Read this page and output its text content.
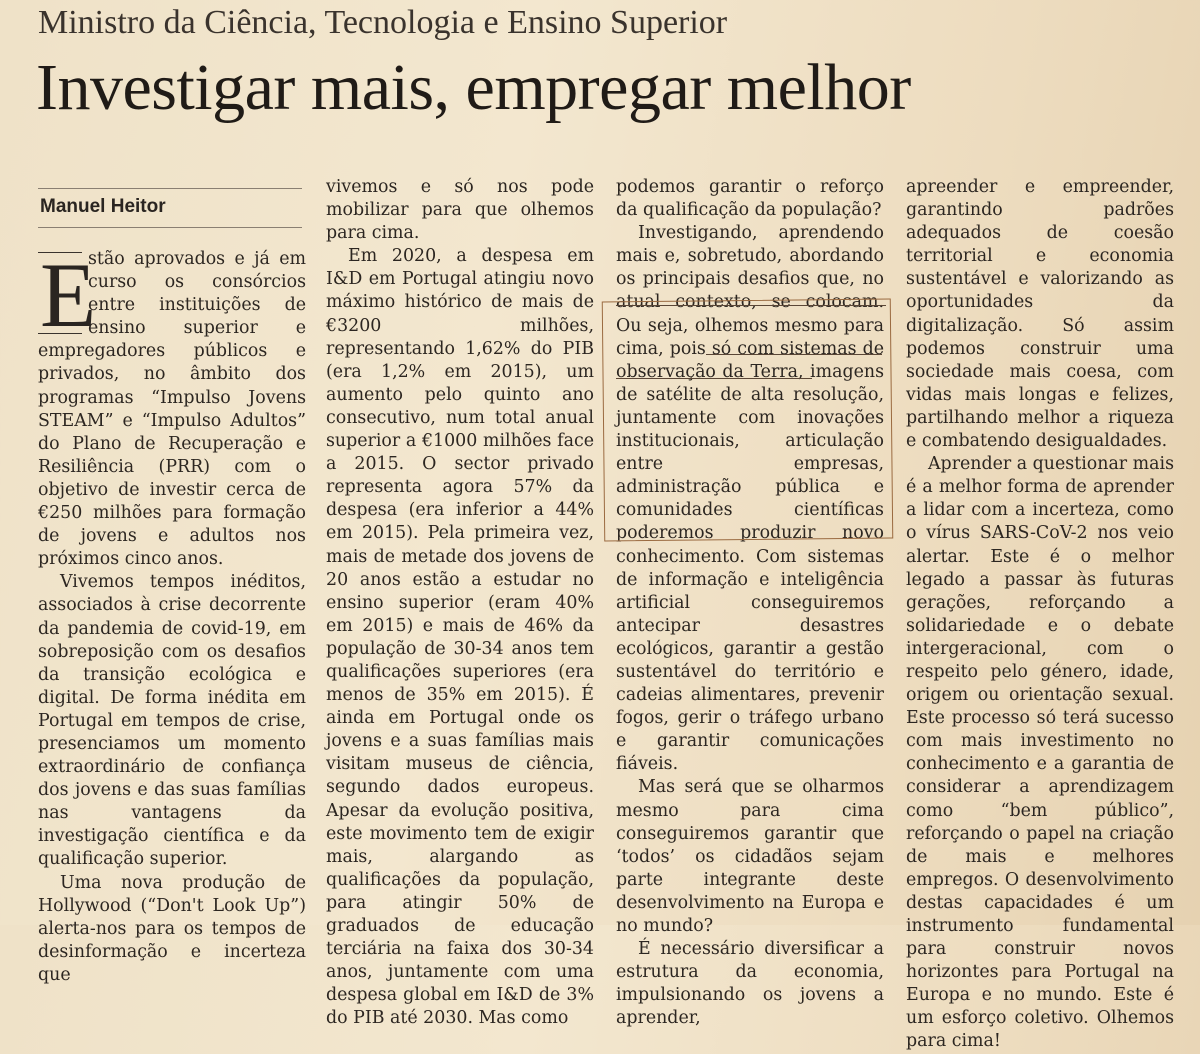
Ministro da Ciência, Tecnologia e Ensino Superior
Investigar mais, empregar melhor
Manuel Heitor

E
stão aprovados e já em curso os consórcios entre instituições de ensino superior e empregadores públicos e privados, no âmbito dos programas “Impulso Jovens STEAM” e “Impulso Adultos” do Plano de Recuperação e Resiliência (PRR) com o objetivo de investir cerca de €250 milhões para formação de jovens e adultos nos próximos cinco anos.

Vivemos tempos inéditos, associados à crise decorrente da pandemia de covid-19, em sobreposição com os desafios da transição ecológica e digital. De forma inédita em Portugal em tempos de crise, presenciamos um momento extraordinário de confiança dos jovens e das suas famílias nas vantagens da investigação científica e da qualificação superior.

Uma nova produção de Hollywood (“Don't Look Up”) alerta-nos para os tempos de desinformação e incerteza que

vivemos e só nos pode mobilizar para que olhemos para cima.

Em 2020, a despesa em I&D em Portugal atingiu novo máximo histórico de mais de €3200 milhões, representando 1,62% do PIB (era 1,2% em 2015), um aumento pelo quinto ano consecutivo, num total anual superior a €1000 milhões face a 2015. O sector privado representa agora 57% da despesa (era inferior a 44% em 2015). Pela primeira vez, mais de metade dos jovens de 20 anos estão a estudar no ensino superior (eram 40% em 2015) e mais de 46% da população de 30-34 anos tem qualificações superiores (era menos de 35% em 2015). É ainda em Portugal onde os jovens e a suas famílias mais visitam museus de ciência, segundo dados europeus. Apesar da evolução positiva, este movimento tem de exigir mais, alargando as qualificações da população, para atingir 50% de graduados de educação terciária na faixa dos 30-34 anos, juntamente com uma despesa global em I&D de 3% do PIB até 2030. Mas como

podemos garantir o reforço da qualificação da população?

Investigando, aprendendo mais e, sobretudo, abordando os principais desafios que, no atual contexto, se colocam. Ou seja, olhemos mesmo para cima, pois só com sistemas de observação da Terra, imagens de satélite de alta resolução, juntamente com inovações institucionais, articulação entre empresas, administração pública e comunidades científicas poderemos produzir novo conhecimento. Com sistemas de informação e inteligência artificial conseguiremos antecipar desastres ecológicos, garantir a gestão sustentável do território e cadeias alimentares, prevenir fogos, gerir o tráfego urbano e garantir comunicações fiáveis.

Mas será que se olharmos mesmo para cima conseguiremos garantir que ‘todos’ os cidadãos sejam parte integrante deste desenvolvimento na Europa e no mundo?

É necessário diversificar a estrutura da economia, impulsionando os jovens a aprender,

apreender e empreender, garantindo padrões adequados de coesão territorial e economia sustentável e valorizando as oportunidades da digitalização. Só assim podemos construir uma sociedade mais coesa, com vidas mais longas e felizes, partilhando melhor a riqueza e combatendo desigualdades.

Aprender a questionar mais é a melhor forma de aprender a lidar com a incerteza, como o vírus SARS-CoV-2 nos veio alertar. Este é o melhor legado a passar às futuras gerações, reforçando a solidariedade e o debate intergeracional, com o respeito pelo género, idade, origem ou orientação sexual. Este processo só terá sucesso com mais investimento no conhecimento e a garantia de considerar a aprendizagem como “bem público”, reforçando o papel na criação de mais e melhores empregos. O desenvolvimento destas capacidades é um instrumento fundamental para construir novos horizontes para Portugal na Europa e no mundo. Este é um esforço coletivo. Olhemos para cima!
